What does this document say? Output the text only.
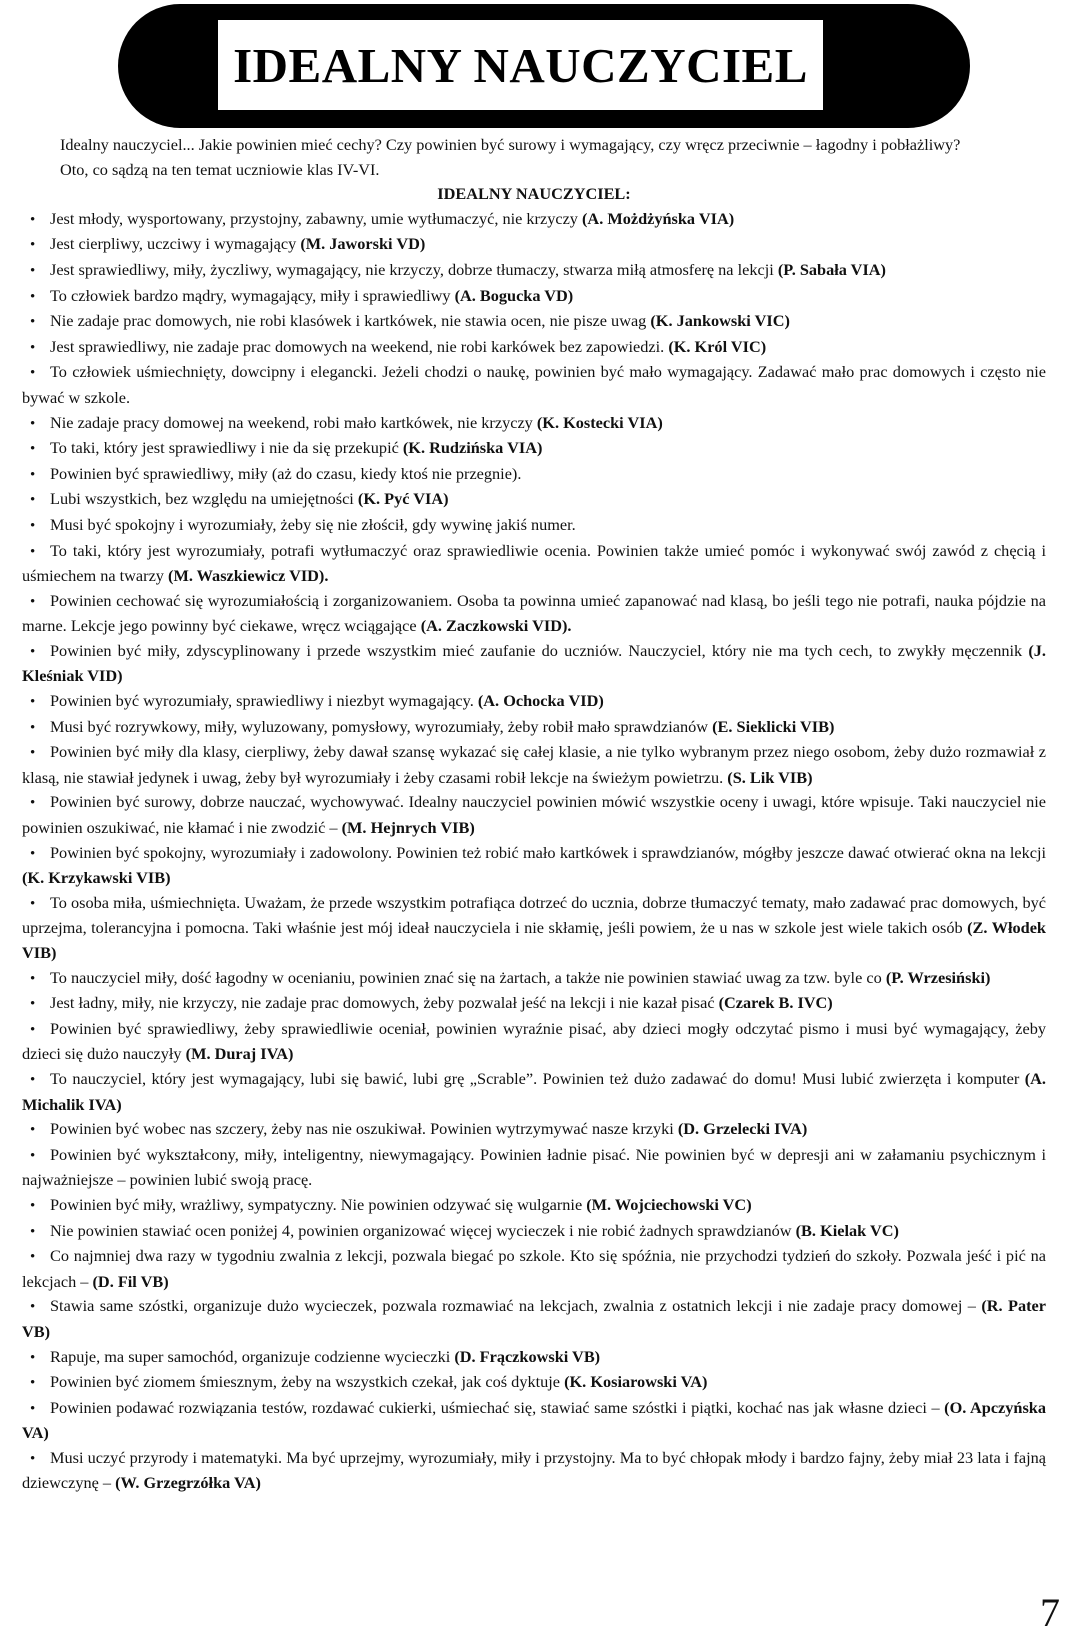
IDEALNY NAUCZYCIEL

Idealny nauczyciel... Jakie powinien mieć cechy? Czy powinien być surowy i wymagający, czy wręcz przeciwnie – łagodny i pobłażliwy?

Oto, co sądzą na ten temat uczniowie klas IV-VI.

IDEALNY NAUCZYCIEL:

•Jest młody, wysportowany, przystojny, zabawny, umie wytłumaczyć, nie krzyczy (A. Możdżyńska VIA)
•Jest cierpliwy, uczciwy i wymagający (M. Jaworski VD)
•Jest sprawiedliwy, miły, życzliwy, wymagający, nie krzyczy, dobrze tłumaczy, stwarza miłą atmosferę na lekcji (P. Sabała VIA)
•To człowiek bardzo mądry, wymagający, miły i sprawiedliwy (A. Bogucka VD)
•Nie zadaje prac domowych, nie robi klasówek i kartkówek, nie stawia ocen, nie pisze uwag (K. Jankowski VIC)
•Jest sprawiedliwy, nie zadaje prac domowych na weekend, nie robi karkówek bez zapowiedzi. (K. Król VIC)
•To człowiek uśmiechnięty, dowcipny i elegancki. Jeżeli chodzi o naukę, powinien być mało wymagający. Zadawać mało prac domowych i często nie bywać w szkole.
•Nie zadaje pracy domowej na weekend, robi mało kartkówek, nie krzyczy (K. Kostecki VIA)
•To taki, który jest sprawiedliwy i nie da się przekupić (K. Rudzińska VIA)
•Powinien być sprawiedliwy, miły (aż do czasu, kiedy ktoś nie przegnie).
•Lubi wszystkich, bez względu na umiejętności (K. Pyć VIA)
•Musi być spokojny i wyrozumiały, żeby się nie złościł, gdy wywinę jakiś numer.
•To taki, który jest wyrozumiały, potrafi wytłumaczyć oraz sprawiedliwie ocenia. Powinien także umieć pomóc i wykonywać swój zawód z chęcią i uśmiechem na twarzy (M. Waszkiewicz VID).
•Powinien cechować się wyrozumiałością i zorganizowaniem. Osoba ta powinna umieć zapanować nad klasą, bo jeśli tego nie potrafi, nauka pójdzie na marne. Lekcje jego powinny być ciekawe, wręcz wciągające (A. Zaczkowski VID).
•Powinien być miły, zdyscyplinowany i przede wszystkim mieć zaufanie do uczniów. Nauczyciel, który nie ma tych cech, to zwykły męczennik (J. Kleśniak VID)
•Powinien być wyrozumiały, sprawiedliwy i niezbyt wymagający. (A. Ochocka VID)
•Musi być rozrywkowy, miły, wyluzowany, pomysłowy, wyrozumiały, żeby robił mało sprawdzianów (E. Sieklicki VIB)
•Powinien być miły dla klasy, cierpliwy, żeby dawał szansę wykazać się całej klasie, a nie tylko wybranym przez niego osobom, żeby dużo rozmawiał z klasą, nie stawiał jedynek i uwag, żeby był wyrozumiały i żeby czasami robił lekcje na świeżym powietrzu. (S. Lik VIB)
•Powinien być surowy, dobrze nauczać, wychowywać. Idealny nauczyciel powinien mówić wszystkie oceny i uwagi, które wpisuje. Taki nauczyciel nie powinien oszukiwać, nie kłamać i nie zwodzić – (M. Hejnrych VIB)
•Powinien być spokojny, wyrozumiały i zadowolony. Powinien też robić mało kartkówek i sprawdzianów, mógłby jeszcze dawać otwierać okna na lekcji (K. Krzykawski VIB)
•To osoba miła, uśmiechnięta. Uważam, że przede wszystkim potrafiąca dotrzeć do ucznia, dobrze tłumaczyć tematy, mało zadawać prac domowych, być uprzejma, tolerancyjna i pomocna. Taki właśnie jest mój ideał nauczyciela i nie skłamię, jeśli powiem, że u nas w szkole jest wiele takich osób (Z. Włodek VIB)
•To nauczyciel miły, dość łagodny w ocenianiu, powinien znać się na żartach, a także nie powinien stawiać uwag za tzw. byle co (P. Wrzesiński)
•Jest ładny, miły, nie krzyczy, nie zadaje prac domowych, żeby pozwalał jeść na lekcji i nie kazał pisać (Czarek B. IVC)
•Powinien być sprawiedliwy, żeby sprawiedliwie oceniał, powinien wyraźnie pisać, aby dzieci mogły odczytać pismo i musi być wymagający, żeby dzieci się dużo nauczyły (M. Duraj IVA)
•To nauczyciel, który jest wymagający, lubi się bawić, lubi grę „Scrable”. Powinien też dużo zadawać do domu! Musi lubić zwierzęta i komputer (A. Michalik IVA)
•Powinien być wobec nas szczery, żeby nas nie oszukiwał. Powinien wytrzymywać nasze krzyki (D. Grzelecki IVA)
•Powinien być wykształcony, miły, inteligentny, niewymagający. Powinien ładnie pisać. Nie powinien być w depresji ani w załamaniu psychicznym i najważniejsze – powinien lubić swoją pracę.
•Powinien być miły, wrażliwy, sympatyczny. Nie powinien odzywać się wulgarnie (M. Wojciechowski VC)
•Nie powinien stawiać ocen poniżej 4, powinien organizować więcej wycieczek i nie robić żadnych sprawdzianów (B. Kielak VC)
•Co najmniej dwa razy w tygodniu zwalnia z lekcji, pozwala biegać po szkole. Kto się spóźnia, nie przychodzi tydzień do szkoły. Pozwala jeść i pić na lekcjach – (D. Fil VB)
•Stawia same szóstki, organizuje dużo wycieczek, pozwala rozmawiać na lekcjach, zwalnia z ostatnich lekcji i nie zadaje pracy domowej – (R. Pater VB)
•Rapuje, ma super samochód, organizuje codzienne wycieczki (D. Frączkowski VB)
•Powinien być ziomem śmiesznym, żeby na wszystkich czekał, jak coś dyktuje (K. Kosiarowski VA)
•Powinien podawać rozwiązania testów, rozdawać cukierki, uśmiechać się, stawiać same szóstki i piątki, kochać nas jak własne dzieci – (O. Apczyńska VA)
•Musi uczyć przyrody i matematyki. Ma być uprzejmy, wyrozumiały, miły i przystojny. Ma to być chłopak młody i bardzo fajny, żeby miał 23 lata i fajną dziewczynę – (W. Grzegrzółka VA)
7
